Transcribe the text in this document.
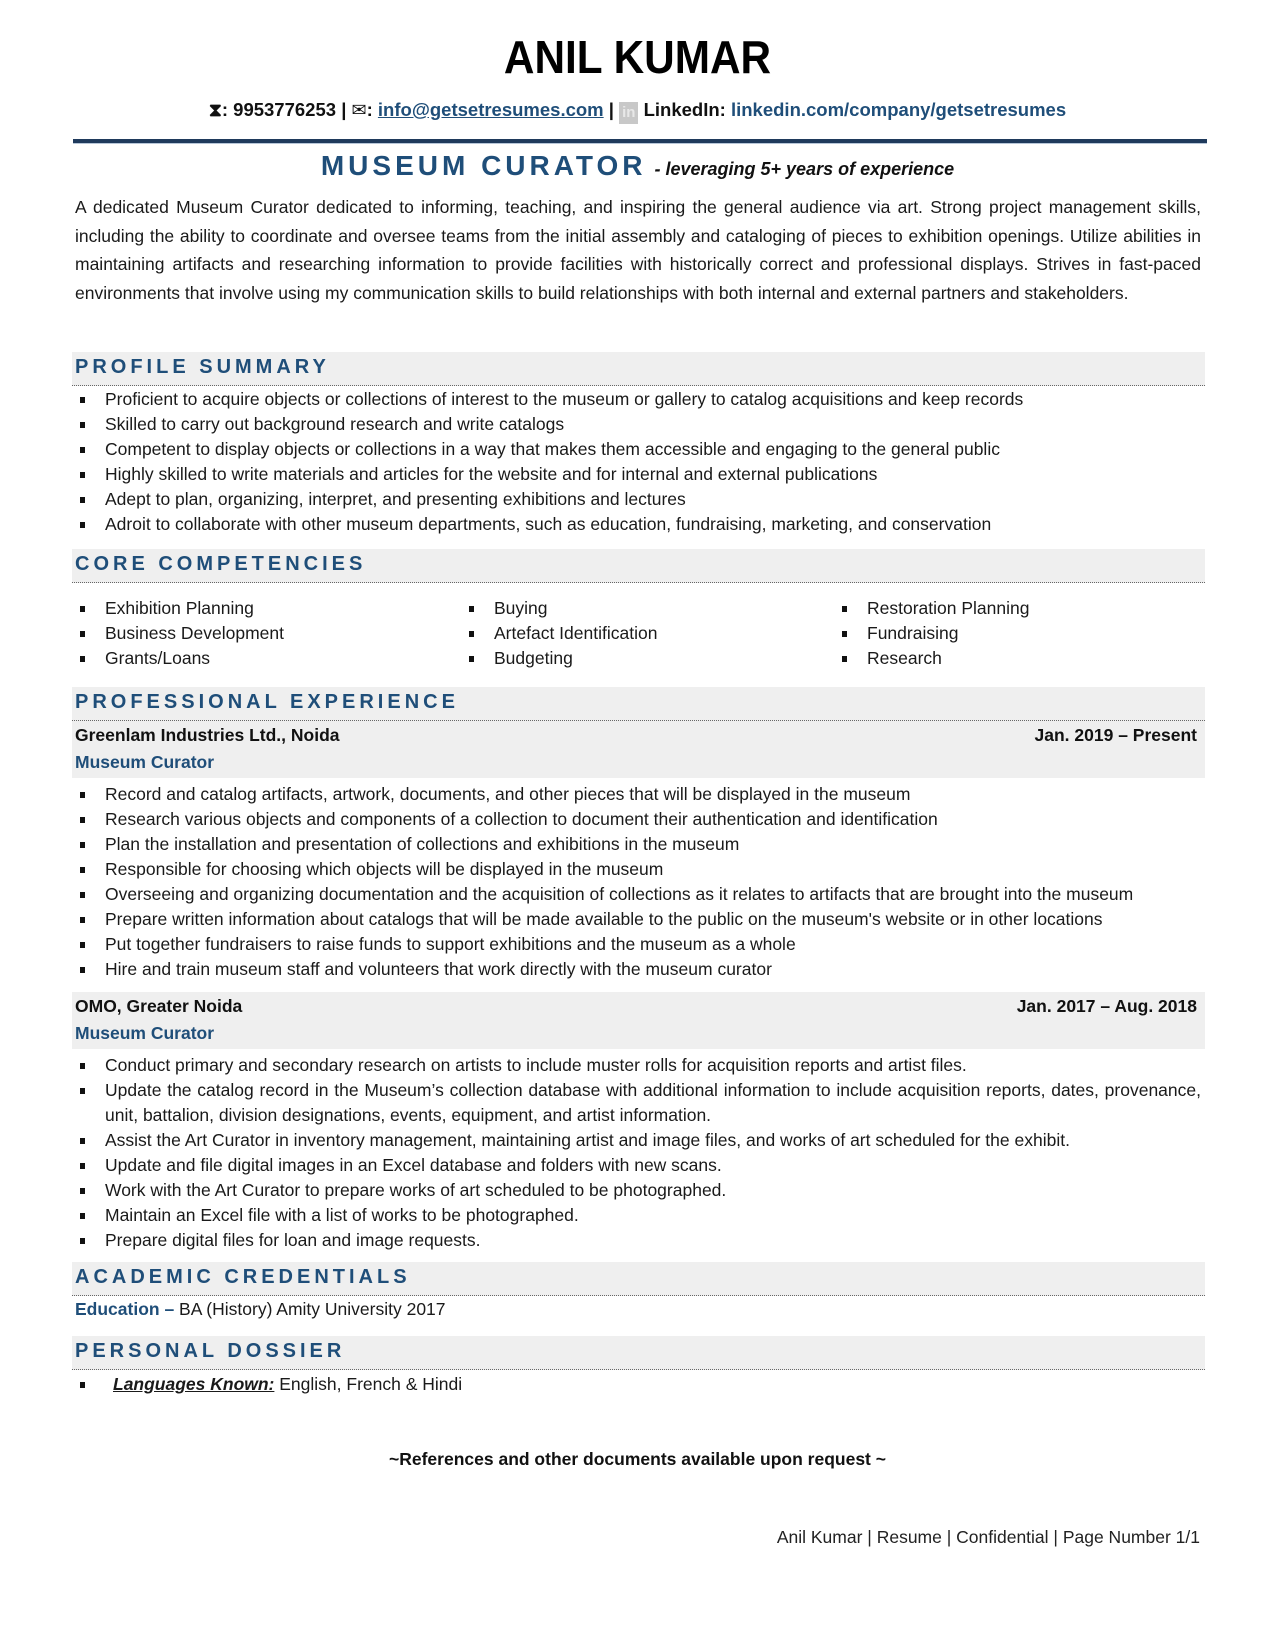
ANIL KUMAR
⧗: 9953776253 | ✉: info@getsetresumes.com | in LinkedIn: linkedin.com/company/getsetresumes
MUSEUM CURATOR - leveraging 5+ years of experience
A dedicated Museum Curator dedicated to informing, teaching, and inspiring the general audience via art. Strong project management skills, including the ability to coordinate and oversee teams from the initial assembly and cataloging of pieces to exhibition openings. Utilize abilities in maintaining artifacts and researching information to provide facilities with historically correct and professional displays. Strives in fast-paced environments that involve using my communication skills to build relationships with both internal and external partners and stakeholders.
PROFILE SUMMARY
Proficient to acquire objects or collections of interest to the museum or gallery to catalog acquisitions and keep records
Skilled to carry out background research and write catalogs
Competent to display objects or collections in a way that makes them accessible and engaging to the general public
Highly skilled to write materials and articles for the website and for internal and external publications
Adept to plan, organizing, interpret, and presenting exhibitions and lectures
Adroit to collaborate with other museum departments, such as education, fundraising, marketing, and conservation
CORE COMPETENCIES
Exhibition Planning
Business Development
Grants/Loans
Buying
Artefact Identification
Budgeting
Restoration Planning
Fundraising
Research
PROFESSIONAL EXPERIENCE
Greenlam Industries Ltd., Noida	Jan. 2019 – Present
Museum Curator
Record and catalog artifacts, artwork, documents, and other pieces that will be displayed in the museum
Research various objects and components of a collection to document their authentication and identification
Plan the installation and presentation of collections and exhibitions in the museum
Responsible for choosing which objects will be displayed in the museum
Overseeing and organizing documentation and the acquisition of collections as it relates to artifacts that are brought into the museum
Prepare written information about catalogs that will be made available to the public on the museum's website or in other locations
Put together fundraisers to raise funds to support exhibitions and the museum as a whole
Hire and train museum staff and volunteers that work directly with the museum curator
OMO, Greater Noida	Jan. 2017 – Aug. 2018
Museum Curator
Conduct primary and secondary research on artists to include muster rolls for acquisition reports and artist files.
Update the catalog record in the Museum’s collection database with additional information to include acquisition reports, dates, provenance, unit, battalion, division designations, events, equipment, and artist information.
Assist the Art Curator in inventory management, maintaining artist and image files, and works of art scheduled for the exhibit.
Update and file digital images in an Excel database and folders with new scans.
Work with the Art Curator to prepare works of art scheduled to be photographed.
Maintain an Excel file with a list of works to be photographed.
Prepare digital files for loan and image requests.
ACADEMIC CREDENTIALS
Education – BA (History) Amity University 2017
PERSONAL DOSSIER
Languages Known: English, French & Hindi
~References and other documents available upon request ~
Anil Kumar | Resume | Confidential | Page Number 1/1
